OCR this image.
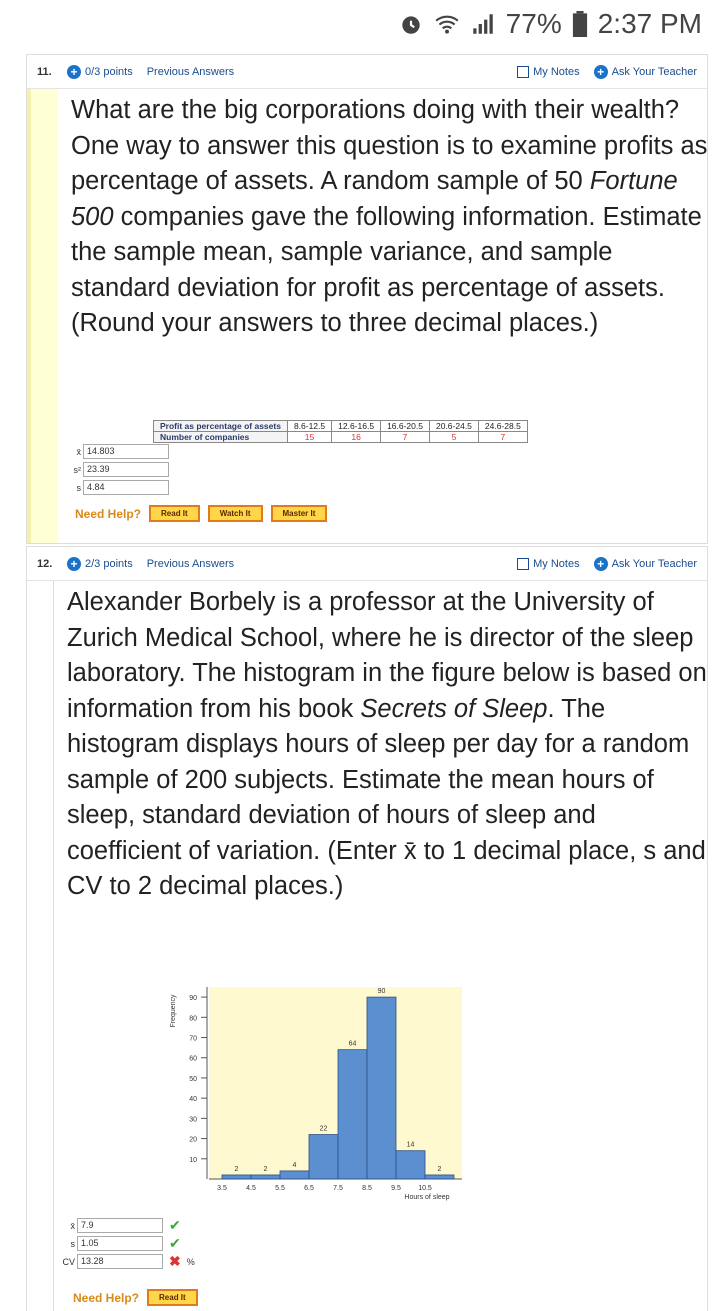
77% 2:37 PM
11.	+ 0/3 points Previous Answers	My Notes + Ask Your Teacher
What are the big corporations doing with their wealth? One way to answer this question is to examine profits as percentage of assets. A random sample of 50 Fortune 500 companies gave the following information. Estimate the sample mean, sample variance, and sample standard deviation for profit as percentage of assets. (Round your answers to three decimal places.)
Profit as percentage of assets	8.6-12.5	12.6-16.5	16.6-20.5	20.6-24.5	24.6-28.5
Number of companies	15	16	7	5	7
x̄ 14.803
s² 23.39
s 4.84
Need Help?	Read It	Watch It	Master It
12.	+ 2/3 points Previous Answers	My Notes + Ask Your Teacher
Alexander Borbely is a professor at the University of Zurich Medical School, where he is director of the sleep laboratory. The histogram in the figure below is based on information from his book Secrets of Sleep. The histogram displays hours of sleep per day for a random sample of 200 subjects. Estimate the mean hours of sleep, standard deviation of hours of sleep and coefficient of variation. (Enter x̄ to 1 decimal place, s and CV to 2 decimal places.)
10
20
30
40
50
60
70
80
90
Frequency
2	2
4
22
64
90
14
2
3.5	4.5	5.5	6.5	7.5	8.5	9.5 10.5
Hours of sleep
x̄ 7.9	✔
s 1.05	✔
CV 13.28	✖ %
Need Help?	Read It
